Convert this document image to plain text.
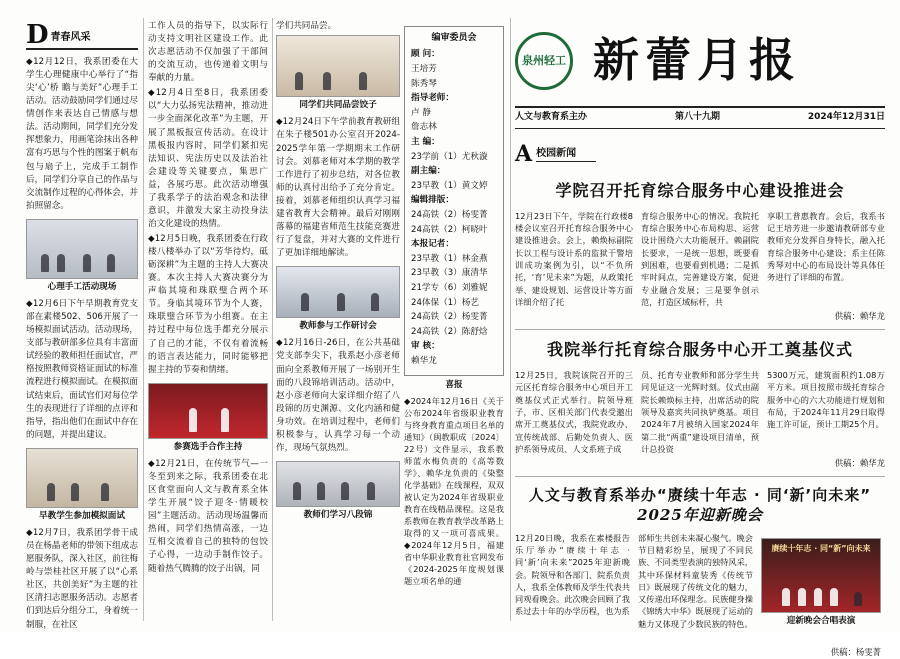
D 青春风采

◆12月12日，我系团委在大学生心理健康中心举行了“指尖‘心’桥 瞻与美好”心理手工活动。活动鼓励同学们通过尽情创作来表达自己情感与想法。活动期间，同学们充分发挥想象力，用画笔涂抹出各种富有巧思与个性的图案于帆布包与扇子上，完成手工制作后，同学们分享自己的作品与交流制作过程的心得体会，并拍照留念。

心理手工活动现场

◆12月6日下午早期教育党支部在素楼502、506开展了一场模拟面试活动。活动现场，支部与教研部多位具有丰富面试经验的教师担任面试官，严格按照教师资格证面试的标准流程进行模拟面试。在模拟面试结束后，面试官们对每位学生的表现进行了详细的点评和指导，指出他们在面试中存在的问题，并提出建议。

早教学生参加模拟面试

◆12月7日，我系团学骨干成员在杨晶老师的带领下组成志愿服务队，深入社区，前往梅岭与崇桂社区开展了以“心系社区，共创美好”为主题的社区清扫志愿服务活动。志愿者们到达后分组分工，身着统一制服，在社区

工作人员的指导下，以实际行动支持文明社区建设工作。此次志愿活动不仅加强了干部间的交流互动，也传递着文明与奉献的力量。

◆12月4日至8日，我系团委以“大力弘扬宪法精神，推动进一步全面深化改革”为主题，开展了黑板报宣传活动。在设计黑板报内容时，同学们紧扣宪法知识、宪法历史以及法治社会建设等关键要点，集思广益，各展巧思。此次活动增强了我系学子的法治观念和法律意识，并激发大家主动投身法治文化建设的热情。

◆12月5日晚，我系团委在行政楼八楼举办了以“芳华待灼，砥砺深耕”为主题的主持人大赛决赛。本次主持人大赛决赛分为声临其境和珠联璧合两个环节。身临其境环节为个人赛，珠联璧合环节为小组赛。在主持过程中每位选手都充分展示了自己的才能，不仅有着流畅的语言表达能力，同时能够把握主持的节奏和情绪。

参赛选手合作主持

◆12月21日，在传统节气—一冬至到来之际，我系团委在北区食堂面向人文与教育系全体学生开展“饺子迎冬·情暖校园”主题活动。活动现场温馨而热闹，同学们热情高涨，一边互相交流着自己的独特的包饺子心得，一边动手制作饺子。随着热气腾腾的饺子出锅，同

学们共同品尝。

同学们共同品尝饺子

◆12月24日下午学前教育教研组在朱子楼501办公室召开2024-2025学年第一学期期末工作研讨会。刘慕老师对本学期的教学工作进行了初步总结，对各位教师的认真付出给予了充分肯定。接着，刘慕老师组织认真学习福建省教育大会精神。最后对刚刚落幕的福建省师范生技能竞赛进行了复盘，并对大赛的文件进行了更加详细地解读。

教师参与工作研讨会

◆12月16日-26日，在公共基础党支部李尖下，我系赵小彦老师面向全系教师开展了一场别开生面的八段锦培训活动。活动中，赵小彦老师向大家详细介绍了八段锦的历史渊源、文化内涵和健身功效。在培训过程中，老师们积极参与，认真学习每一个动作，现场气氛热烈。

教师们学习八段锦
编审委员会
顾 问：
王培芳
陈秀琴
指导老师：
卢 静
詹志林
主 编：
23学前（1）尤秋漩
副主编：
23早教（1）黄文婷
编辑排版：
24高铁（2）杨雯菁
24高铁（2）柯晓叶
本报记者：
23早教（1）林金燕
23早教（3）康清华
21学专（6）刘雅妮
24体保（1）杨艺
24高铁（2）杨雯菁
24高铁（2）陈舒焓
审 核：
赖华龙
喜报

◆2024年12月16日《关于公布2024年省级职业教育与终身教育重点项目名单的通知》（闽教职成〔2024〕22号）文件显示，我系教师蓝水梅负责的《高等数学》、赖华龙负责的《染整化学基础》在线课程，双双被认定为2024年省级职业教育在线精品课程。这是我系教师在教育教学改革路上取得的又一项可喜成果。◆2024年12月5日，福建省中华职业教育社官网发布《2024-2025年度规划课题立项名单的通

泉州轻工 新蕾月报
人文与教育系主办	第八十九期	2024年12月31日
A 校园新闻
学院召开托育综合服务中心建设推进会
12月23日下午，学院在行政楼8楼会议室召开托育综合服务中心建设推进会。会上，赖焕标副院长以工程与设计系的监狱干警培训成功案例为引，以“不负所托，‘育’见未来”为题，从政策托举、建设规划、运营设计等方面详细介绍了托
育综合服务中心的情况。我院托育综合服务中心布局构思、运营设计围绕六大功能展开。赖副院长要求，一是统一思想，既要看到困难，也要看到机遇；二是抓牢时间点，完善建设方案，促进专业融合发展；三是要争创示范，打造区域标杆，共
享职工普惠教育。会后，我系书记王培芳进一步邀请教研部专业教师充分发挥自身特长，融入托育综合服务中心建设；系主任陈秀琴对中心的布局设计等具体任务进行了详细的布置。
供稿：赖华龙
我院举行托育综合服务中心开工奠基仪式
12月25日，我院该院召开的三元区托育综合服务中心项目开工奠基仪式正式举行。院领导班子，市、区相关部门代表受邀出席开工奠基仪式，我院党政办、宣传统战部、后勤处负责人、医护系领导成员、人文系班子成
员、托育专业教师和部分学生共同见证这一光辉时刻。仪式由副院长赖焕标主持，出席活动的院领导及嘉宾共同执铲奠基。项目2024年7月被纳入国家2024年第二批“两重”建设项目清单，预计总投资
5300万元，建筑面积约1.08万平方米。项目按照市级托育综合服务中心的六大功能进行规划和布局，于2024年11月29日取得施工许可证，预计工期25个月。
供稿：赖华龙
人文与教育系举办“赓续十年志 · 同‘新’向未来”
2025年迎新晚会
12月20日晚，我系在素楼报告乐厅举办“赓续十年志 · 同‘新’向未来”2025年迎新晚会。院领导和各部门、院系负责人，我系全体教师及学生代表共同观看晚会。此次晚会回顾了我系过去十年的办学历程，也为系
部师生共创未来凝心聚气。晚会节目精彩纷呈，展现了不同民族、不同类型表演的独特风采，其中环保材料童装秀《传统节日》既展现了传统文化的魅力，又传递出环保理念。民族健身操《锦绣大中华》既展现了运动的魅力又体现了少数民族的特色。
赓续十年志 · 同“新”向未来
迎新晚会合唱表演
供稿：杨雯菁
